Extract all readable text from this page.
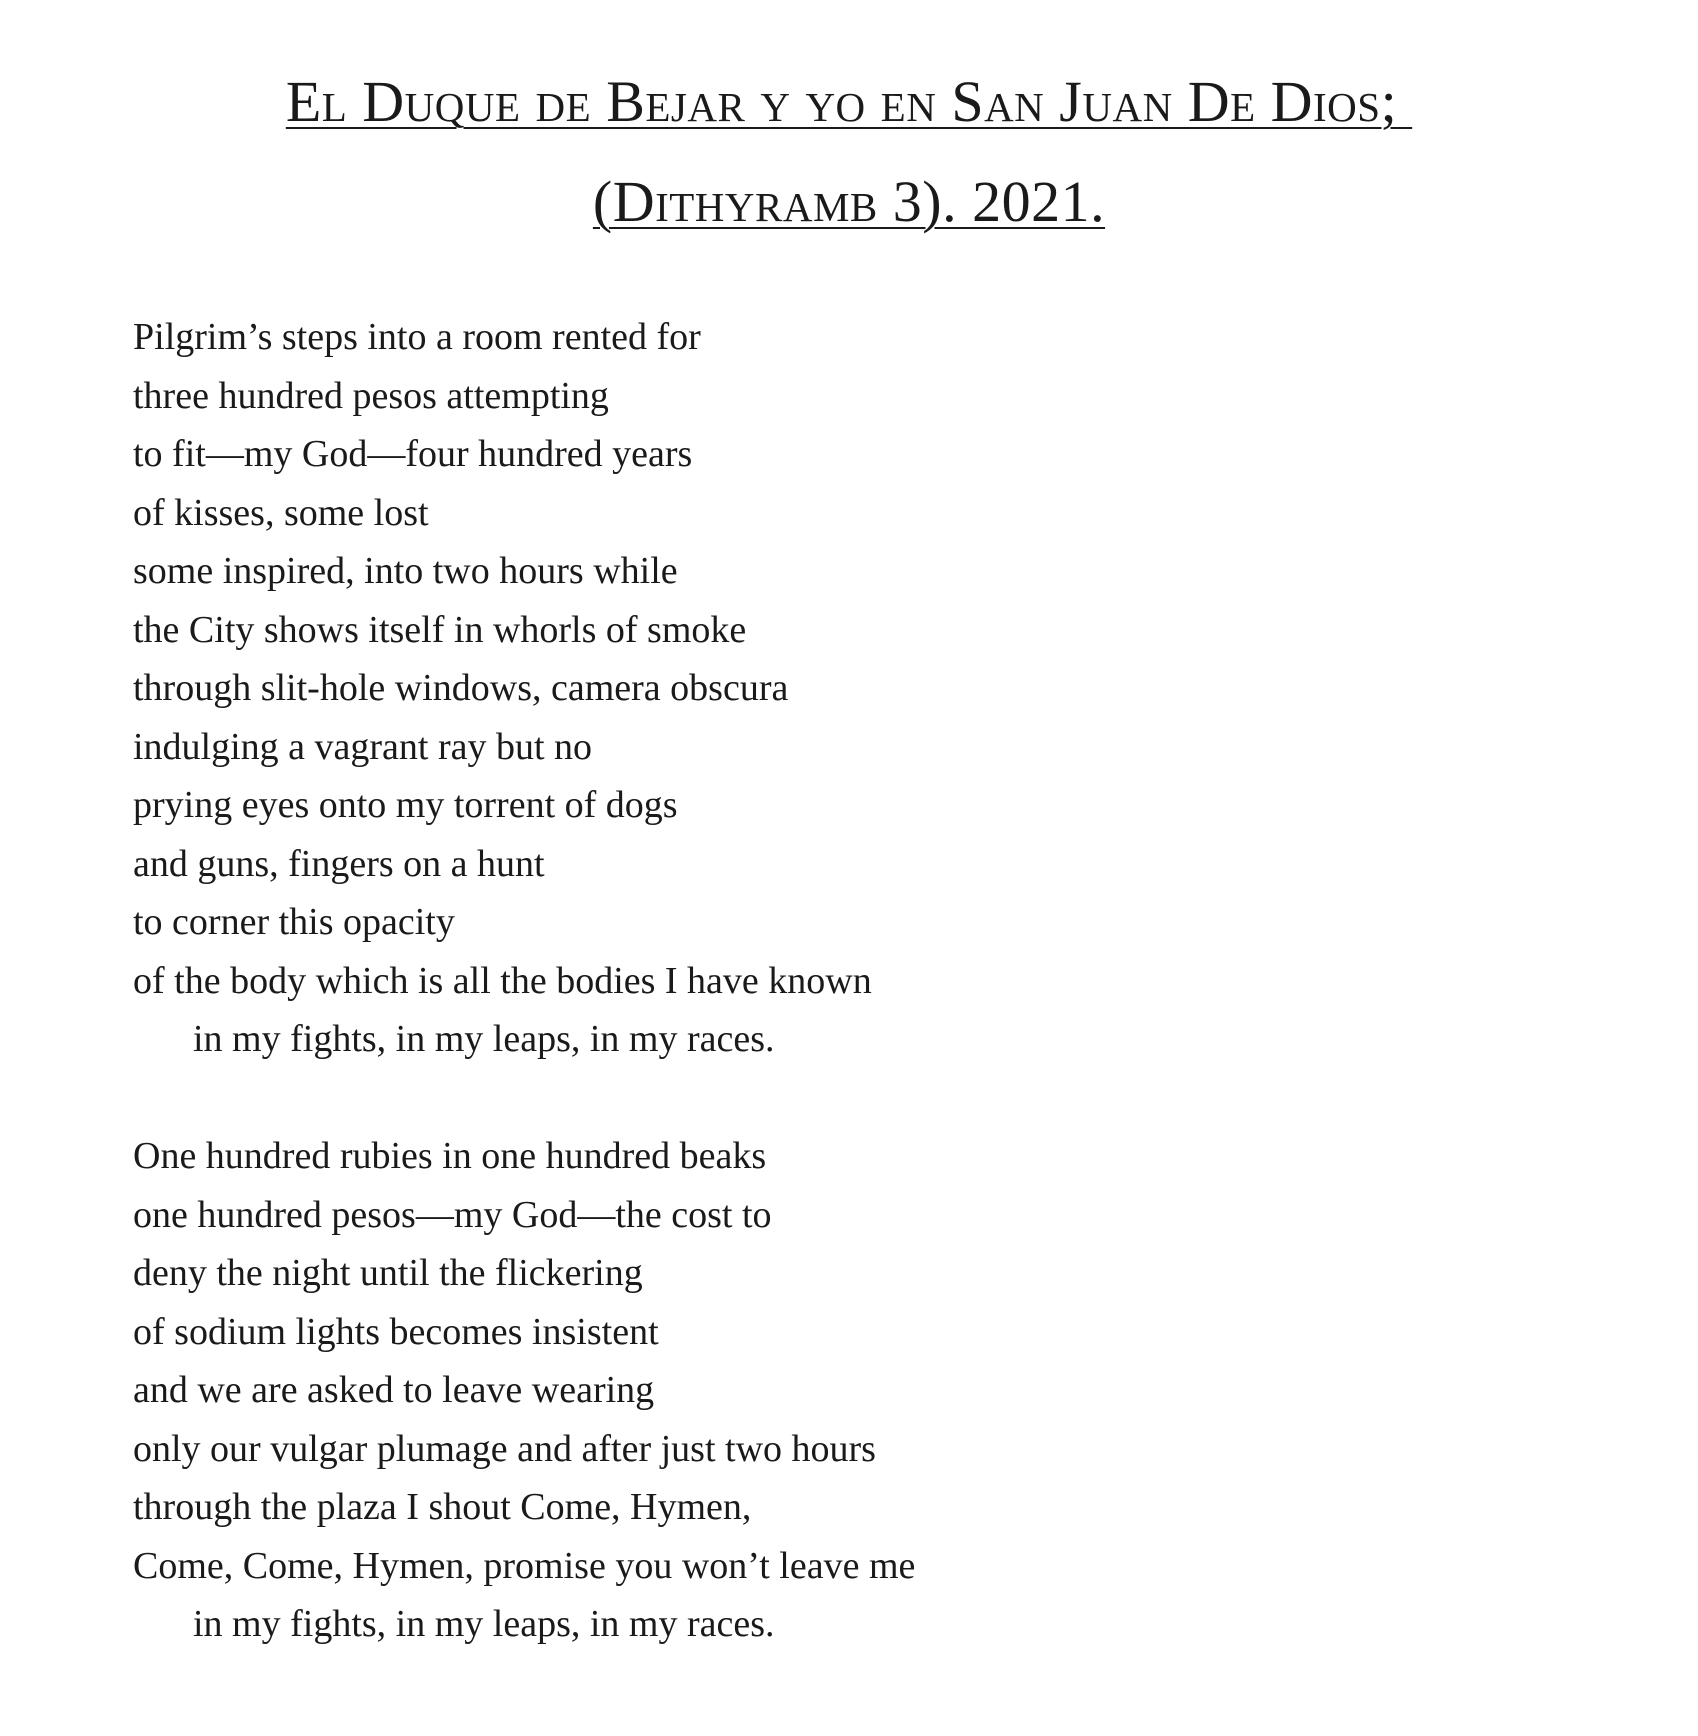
El Duque de Bejar y yo en San Juan De Dios;
(Dithyramb 3). 2021.
Pilgrim’s steps into a room rented for
three hundred pesos attempting
to fit—my God—four hundred years
of kisses, some lost
some inspired, into two hours while
the City shows itself in whorls of smoke
through slit-hole windows, camera obscura
indulging a vagrant ray but no
prying eyes onto my torrent of dogs
and guns, fingers on a hunt
to corner this opacity
of the body which is all the bodies I have known
in my fights, in my leaps, in my races.
One hundred rubies in one hundred beaks
one hundred pesos—my God—the cost to
deny the night until the flickering
of sodium lights becomes insistent
and we are asked to leave wearing
only our vulgar plumage and after just two hours
through the plaza I shout Come, Hymen,
Come, Come, Hymen, promise you won’t leave me
in my fights, in my leaps, in my races.
